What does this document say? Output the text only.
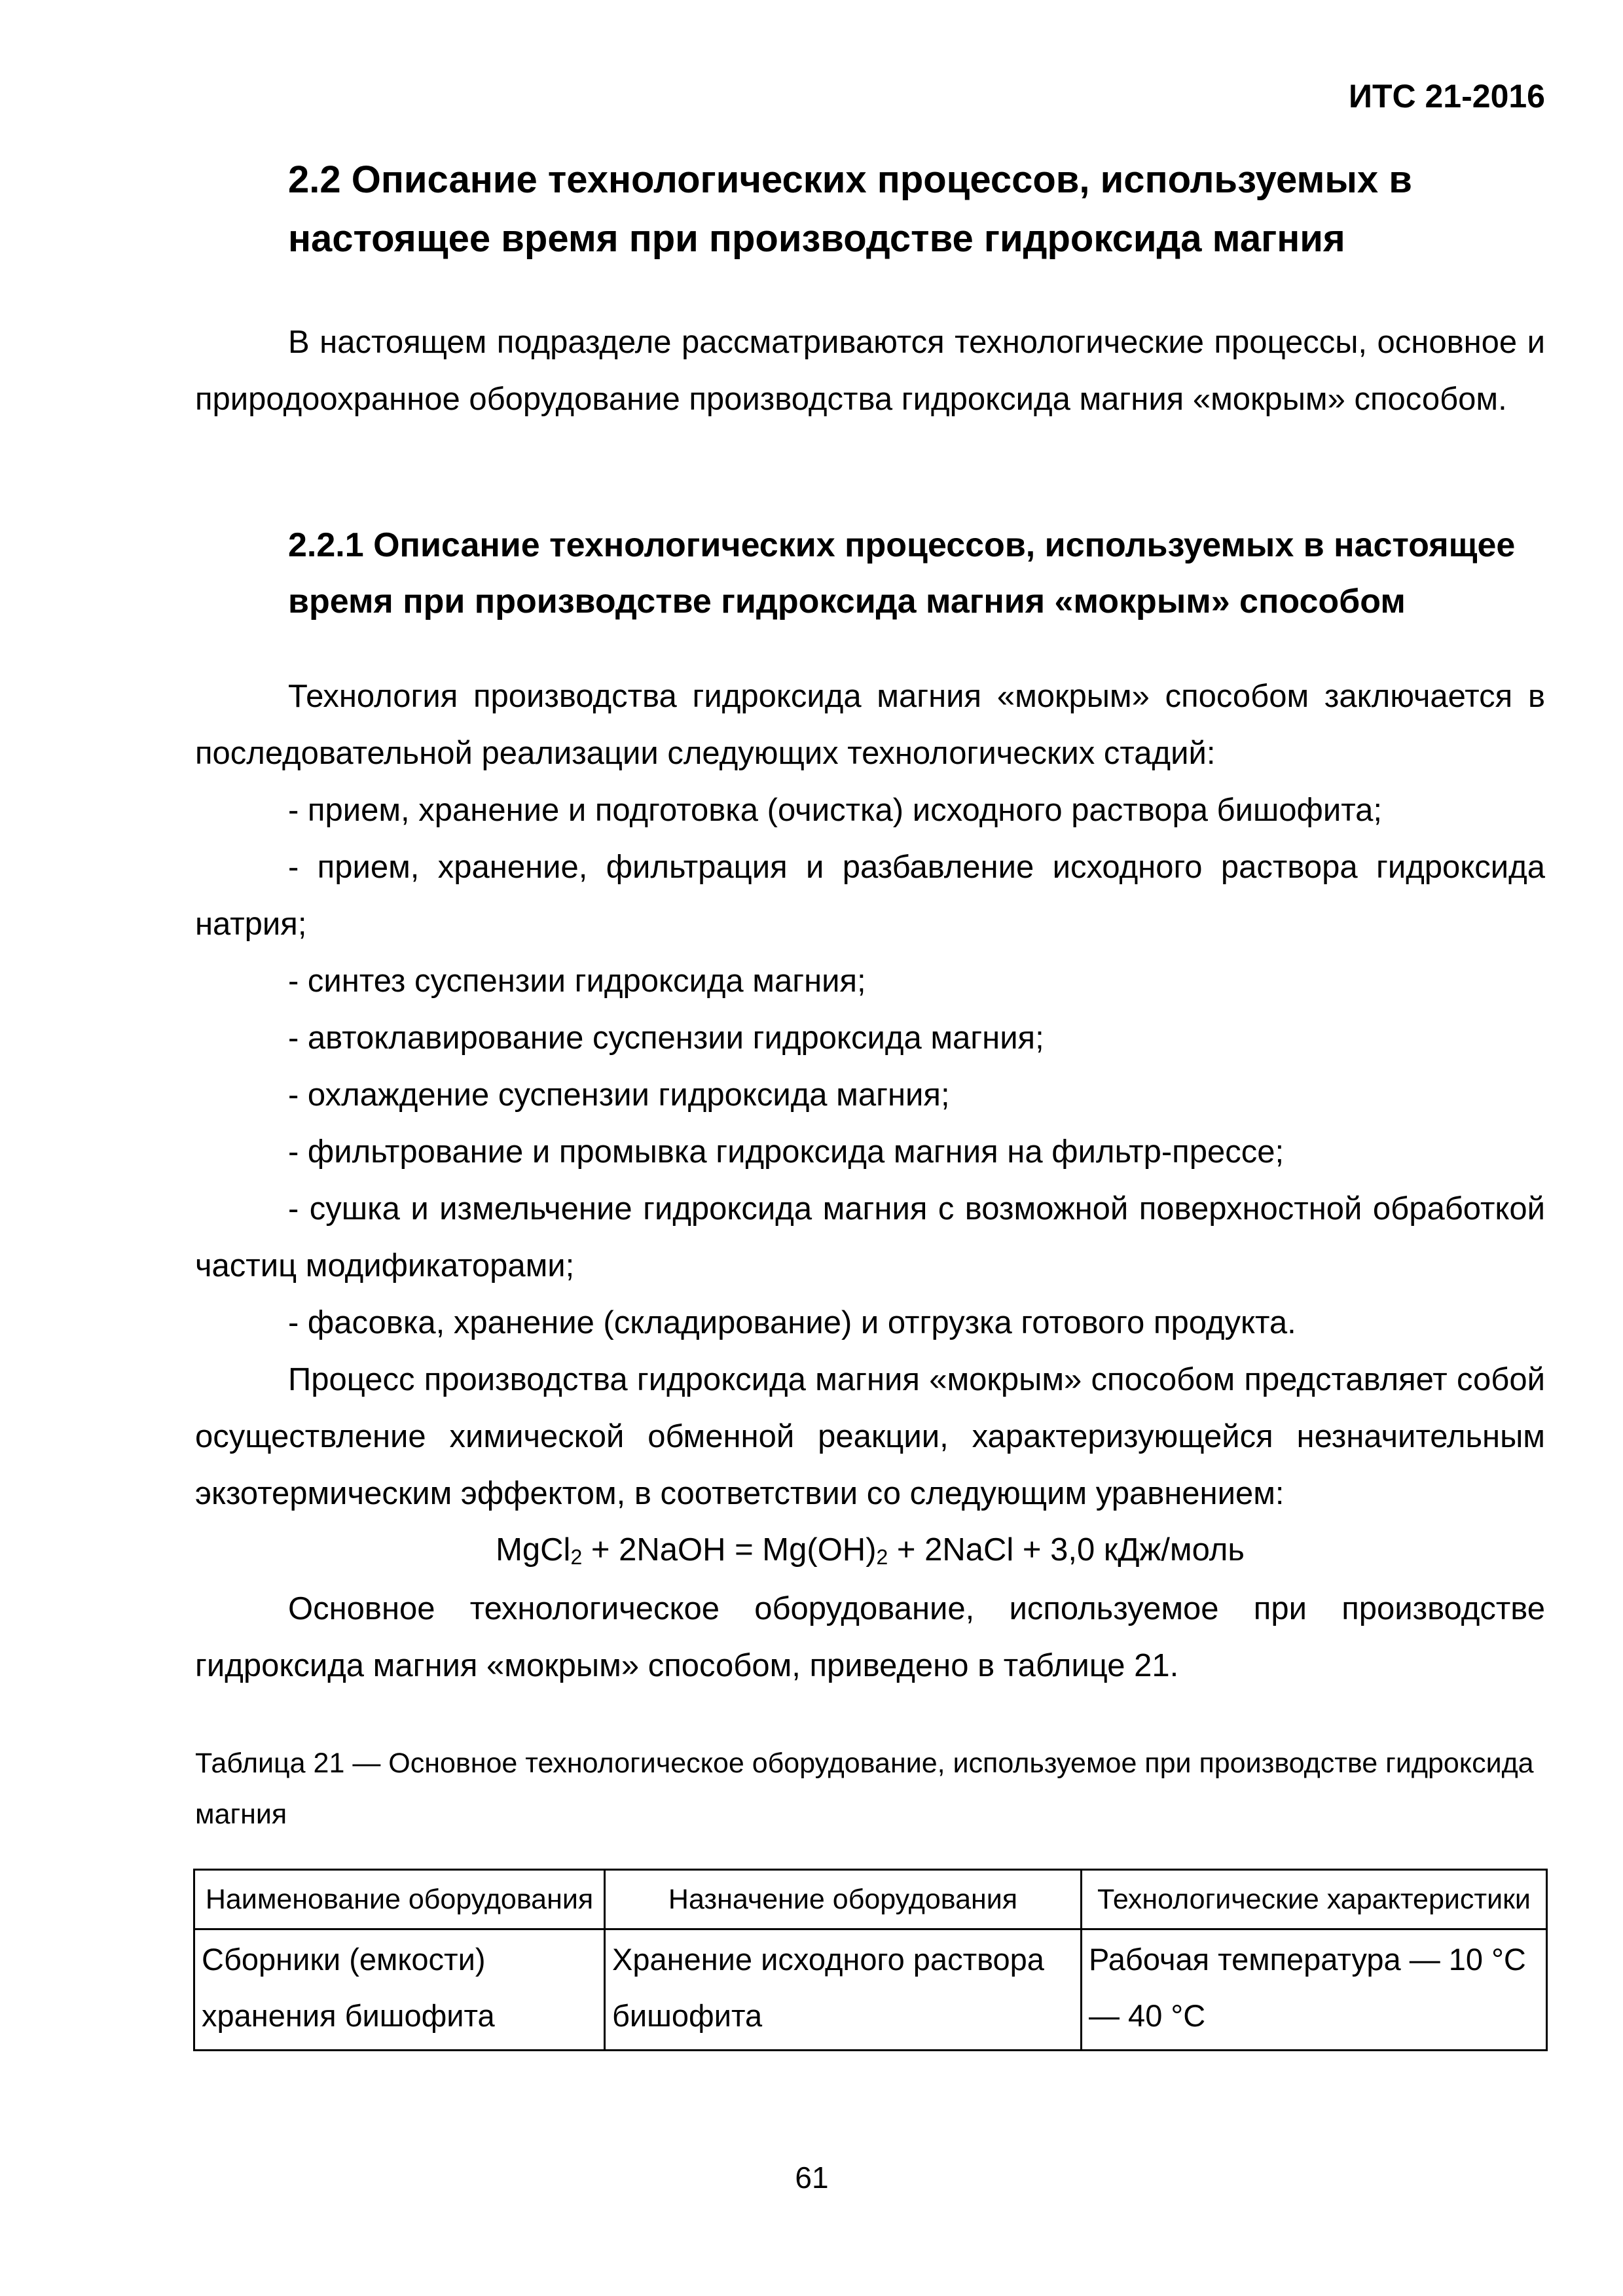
ИТС 21-2016
2.2 Описание технологических процессов, используемых в настоящее время при производстве гидроксида магния

В настоящем подразделе рассматриваются технологические процессы, основное и природоохранное оборудование производства гидроксида магния «мокрым» способом.

2.2.1 Описание технологических процессов, используемых в настоящее время при производстве гидроксида магния «мокрым» способом

Технология производства гидроксида магния «мокрым» способом заключается в последовательной реализации следующих технологических стадий:

- прием, хранение и подготовка (очистка) исходного раствора бишофита;
- прием, хранение, фильтрация и разбавление исходного раствора гидроксида натрия;
- синтез суспензии гидроксида магния;
- автоклавирование суспензии гидроксида магния;
- охлаждение суспензии гидроксида магния;
- фильтрование и промывка гидроксида магния на фильтр-прессе;
- сушка и измельчение гидроксида магния с возможной поверхностной обработкой частиц модификаторами;
- фасовка, хранение (складирование) и отгрузка готового продукта.

Процесс производства гидроксида магния «мокрым» способом представляет собой осуществление химической обменной реакции, характеризующейся незначительным экзотермическим эффектом, в соответствии со следующим уравнением:

MgCl$_2$ + 2NaOH = $Mg(OH)_2$ + 2NaCl + 3,0 кДж/моль

Основное технологическое оборудование, используемое при производстве гидроксида магния «мокрым» способом, приведено в таблице 21.

Таблица 21 — Основное технологическое оборудование, используемое при производстве гидроксида магния
Наименование оборудования	Назначение оборудования	Технологические характеристики
Сборники (емкости) хранения бишофита	Хранение исходного раствора бишофита	Рабочая температура — 10 °С — 40 °С
61
